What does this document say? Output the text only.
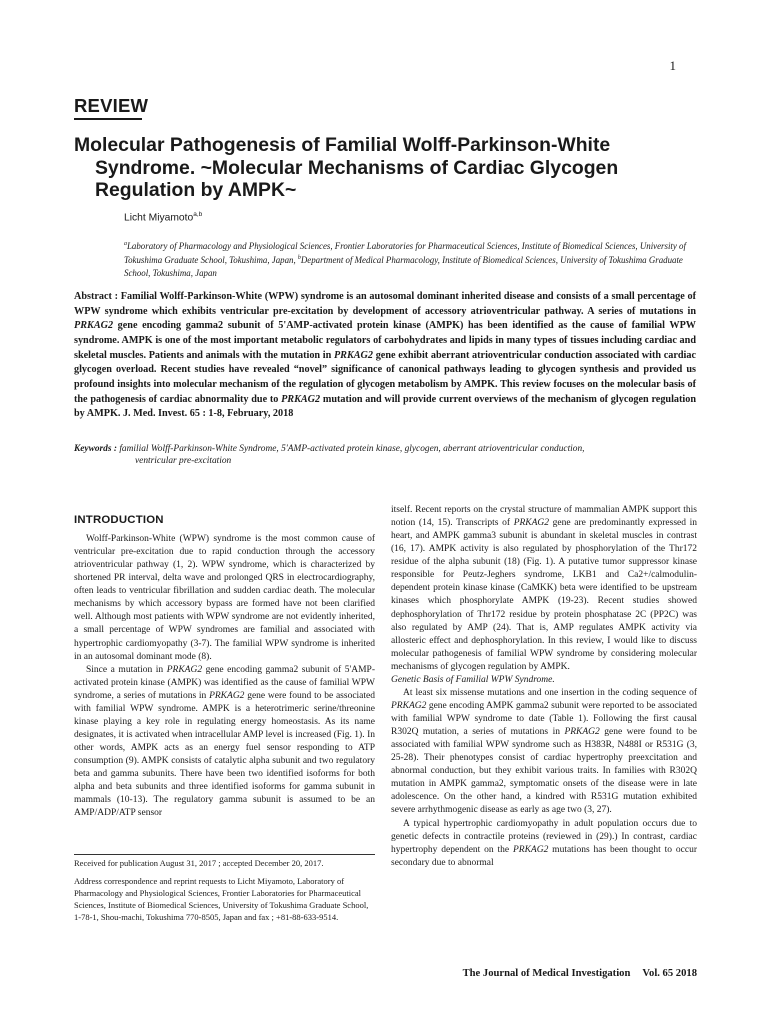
1
REVIEW
Molecular Pathogenesis of Familial Wolff-Parkinson-White Syndrome. ~Molecular Mechanisms of Cardiac Glycogen Regulation by AMPK~
Licht Miyamoto$^{a,b}$
$^a$Laboratory of Pharmacology and Physiological Sciences, Frontier Laboratories for Pharmaceutical Sciences, Institute of Biomedical Sciences, University of Tokushima Graduate School, Tokushima, Japan, $^b$Department of Medical Pharmacology, Institute of Biomedical Sciences, University of Tokushima Graduate School, Tokushima, Japan
Abstract : Familial Wolff-Parkinson-White (WPW) syndrome is an autosomal dominant inherited disease and consists of a small percentage of WPW syndrome which exhibits ventricular pre-excitation by development of accessory atrioventricular pathway. A series of mutations in PRKAG2 gene encoding gamma2 subunit of 5'AMP-activated protein kinase (AMPK) has been identified as the cause of familial WPW syndrome. AMPK is one of the most important metabolic regulators of carbohydrates and lipids in many types of tissues including cardiac and skeletal muscles. Patients and animals with the mutation in PRKAG2 gene exhibit aberrant atrioventricular conduction associated with cardiac glycogen overload. Recent studies have revealed “novel” significance of canonical pathways leading to glycogen synthesis and provided us profound insights into molecular mechanism of the regulation of glycogen metabolism by AMPK. This review focuses on the molecular basis of the pathogenesis of cardiac abnormality due to PRKAG2 mutation and will provide current overviews of the mechanism of glycogen regulation by AMPK. J. Med. Invest. 65 : 1-8, February, 2018
Keywords : familial Wolff-Parkinson-White Syndrome, 5'AMP-activated protein kinase, glycogen, aberrant atrioventricular conduction,
ventricular pre-excitation
INTRODUCTION

Wolff-Parkinson-White (WPW) syndrome is the most common cause of ventricular pre-excitation due to rapid conduction through the accessory atrioventricular pathway (1, 2). WPW syndrome, which is characterized by shortened PR interval, delta wave and prolonged QRS in electrocardiography, often leads to ventricular fibrillation and sudden cardiac death. The molecular mechanisms by which accessory bypass are formed have not been clarified well. Although most patients with WPW syndrome are not evidently inherited, a small percentage of WPW syndromes are familial and associated with hypertrophic cardiomyopathy (3-7). The familial WPW syndrome is inherited in an autosomal dominant mode (8).

Since a mutation in PRKAG2 gene encoding gamma2 subunit of 5'AMP-activated protein kinase (AMPK) was identified as the cause of familial WPW syndrome, a series of mutations in PRKAG2 gene were found to be associated with familial WPW syndrome. AMPK is a heterotrimeric serine/threonine kinase playing a key role in regulating energy homeostasis. As its name designates, it is activated when intracellular AMP level is increased (Fig. 1). In other words, AMPK acts as an energy fuel sensor responding to ATP consumption (9). AMPK consists of catalytic alpha subunit and two regulatory beta and gamma subunits. There have been two identified isoforms for both alpha and beta subunits and three identified isoforms for gamma subunit in mammals (10-13). The regulatory gamma subunit is assumed to be an AMP/ADP/ATP sensor

Received for publication August 31, 2017 ; accepted December 20, 2017.

Address correspondence and reprint requests to Licht Miyamoto, Laboratory of Pharmacology and Physiological Sciences, Frontier Laboratories for Pharmaceutical Sciences, Institute of Biomedical Sciences, University of Tokushima Graduate School, 1-78-1, Shou-machi, Tokushima 770-8505, Japan and fax ; +81-88-633-9514.

itself. Recent reports on the crystal structure of mammalian AMPK support this notion (14, 15). Transcripts of PRKAG2 gene are predominantly expressed in heart, and AMPK gamma3 subunit is abundant in skeletal muscles in contrast (16, 17). AMPK activity is also regulated by phosphorylation of the Thr172 residue of the alpha subunit (18) (Fig. 1). A putative tumor suppressor kinase responsible for Peutz-Jeghers syndrome, LKB1 and Ca2+/calmodulin-dependent protein kinase kinase (CaMKK) beta were identified to be upstream kinases which phosphorylate AMPK (19-23). Recent studies showed dephosphorylation of Thr172 residue by protein phosphatase 2C (PP2C) was also regulated by AMP (24). That is, AMP regulates AMPK activity via allosteric effect and dephosphorylation. In this review, I would like to discuss molecular pathogenesis of familial WPW syndrome by considering molecular mechanisms of glycogen regulation by AMPK.

Genetic Basis of Familial WPW Syndrome.

At least six missense mutations and one insertion in the coding sequence of PRKAG2 gene encoding AMPK gamma2 subunit were reported to be associated with familial WPW syndrome to date (Table 1). Following the first causal R302Q mutation, a series of mutations in PRKAG2 gene were found to be associated with familial WPW syndrome such as H383R, N488I or R531G (3, 25-28). Their phenotypes consist of cardiac hypertrophy preexcitation and abnormal conduction, but they exhibit various traits. In families with R302Q mutation in AMPK gamma2, symptomatic onsets of the disease were in late adolescence. On the other hand, a kindred with R531G mutation exhibited severe arrhythmogenic disease as early as age two (3, 27).

A typical hypertrophic cardiomyopathy in adult population occurs due to genetic defects in contractile proteins (reviewed in (29).) In contrast, cardiac hypertrophy dependent on the PRKAG2 mutations has been thought to occur secondary due to abnormal

The Journal of Medical Investigation Vol. 65 2018
